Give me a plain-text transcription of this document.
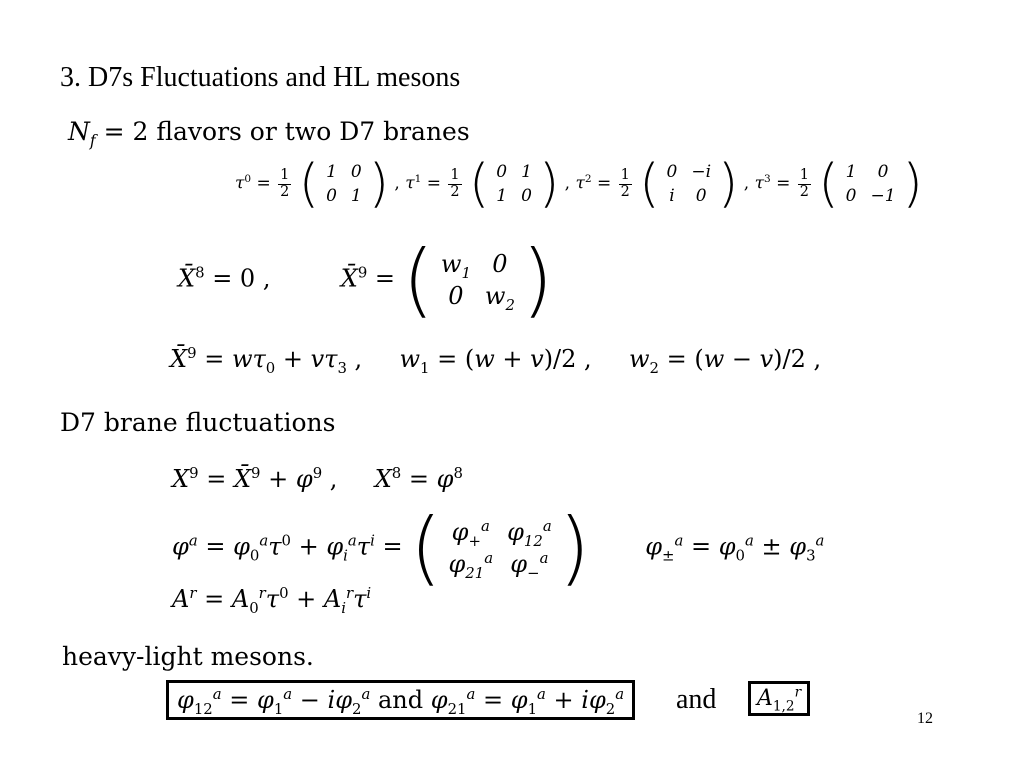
3. D7s Fluctuations and HL mesons
$N_f = 2$ flavors or two D7 branes
$\tau^0 = \frac{1}{2}$
( 1	0
0	1 ) , $\tau^1 = \frac{1}{2}$
( 0	1
1	0 ) , $\tau^2 = \frac{1}{2}$
( 0	−i
i	0 ) , $\tau^3 = \frac{1}{2}$
( 1	0
0	−1 )
X̄$^8$ = 0 ,	X̄$^9$ = ( $w_1$	0
0	$w_2$ )
X̄$^9$ = $w\tau_0 + v\tau_3$ ,  $w_1 = (w + v)/2$ ,  $w_2 = (w - v)/2$ ,
D7 brane fluctuations
$X^9$ = X̄$^9$ + $\varphi^9$ ,  $X^8 = \varphi^8$
$\varphi^a = \varphi_0^a\tau^0 + \varphi_i^a\tau^i$ = ( $\varphi_+^a$	$\varphi_{12}^a$
$\varphi_{21}^a$	$\varphi_-^a$ ) $\varphi_\pm^a = \varphi_0^a \pm \varphi_3^a$
$A^r = A_0^r\tau^0 + A_i^r\tau^i$
heavy-light mesons.
$\varphi_{12}^a = \varphi_1^a - i\varphi_2^a$ and $\varphi_{21}^a = \varphi_1^a + i\varphi_2^a$	and	$A_{1,2}^r$
12
